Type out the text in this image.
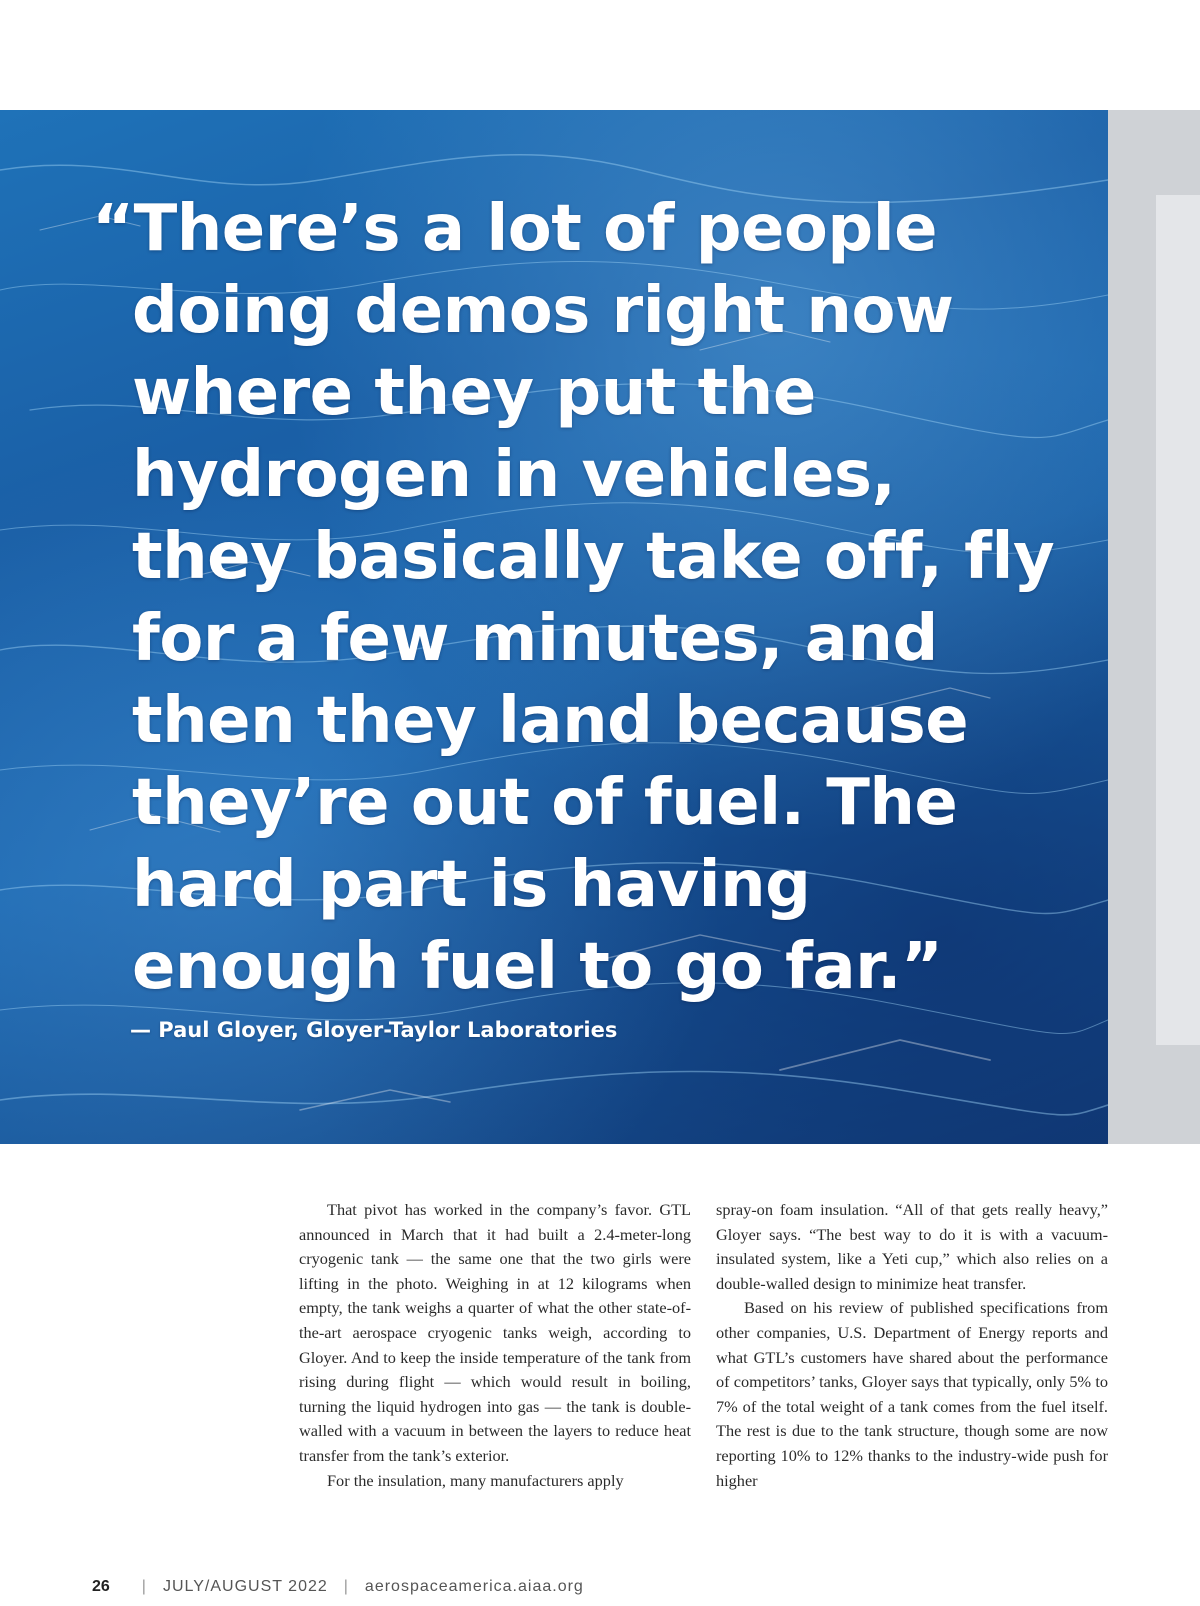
“There’s a lot of people
doing demos right now
where they put the
hydrogen in vehicles,
they basically take off, fly
for a few minutes, and
then they land because
they’re out of fuel. The
hard part is having
enough fuel to go far.”
— Paul Gloyer, Gloyer-Taylor Laboratories

That pivot has worked in the company’s favor. GTL announced in March that it had built a 2.4-meter-long cryogenic tank — the same one that the two girls were lifting in the photo. Weighing in at 12 kilograms when empty, the tank weighs a quarter of what the other state-of-the-art aerospace cryogenic tanks weigh, according to Gloyer. And to keep the inside temperature of the tank from rising during flight — which would result in boiling, turning the liquid hydrogen into gas — the tank is double-walled with a vacuum in between the layers to reduce heat transfer from the tank’s exterior.

For the insulation, many manufacturers apply

spray-on foam insulation. “All of that gets really heavy,” Gloyer says. “The best way to do it is with a vacuum-insulated system, like a Yeti cup,” which also relies on a double-walled design to minimize heat transfer.

Based on his review of published specifications from other companies, U.S. Department of Energy reports and what GTL’s customers have shared about the performance of competitors’ tanks, Gloyer says that typically, only 5% to 7% of the total weight of a tank comes from the fuel itself. The rest is due to the tank structure, though some are now reporting 10% to 12% thanks to the industry-wide push for higher

26 | JULY/AUGUST 2022 | aerospaceamerica.aiaa.org
